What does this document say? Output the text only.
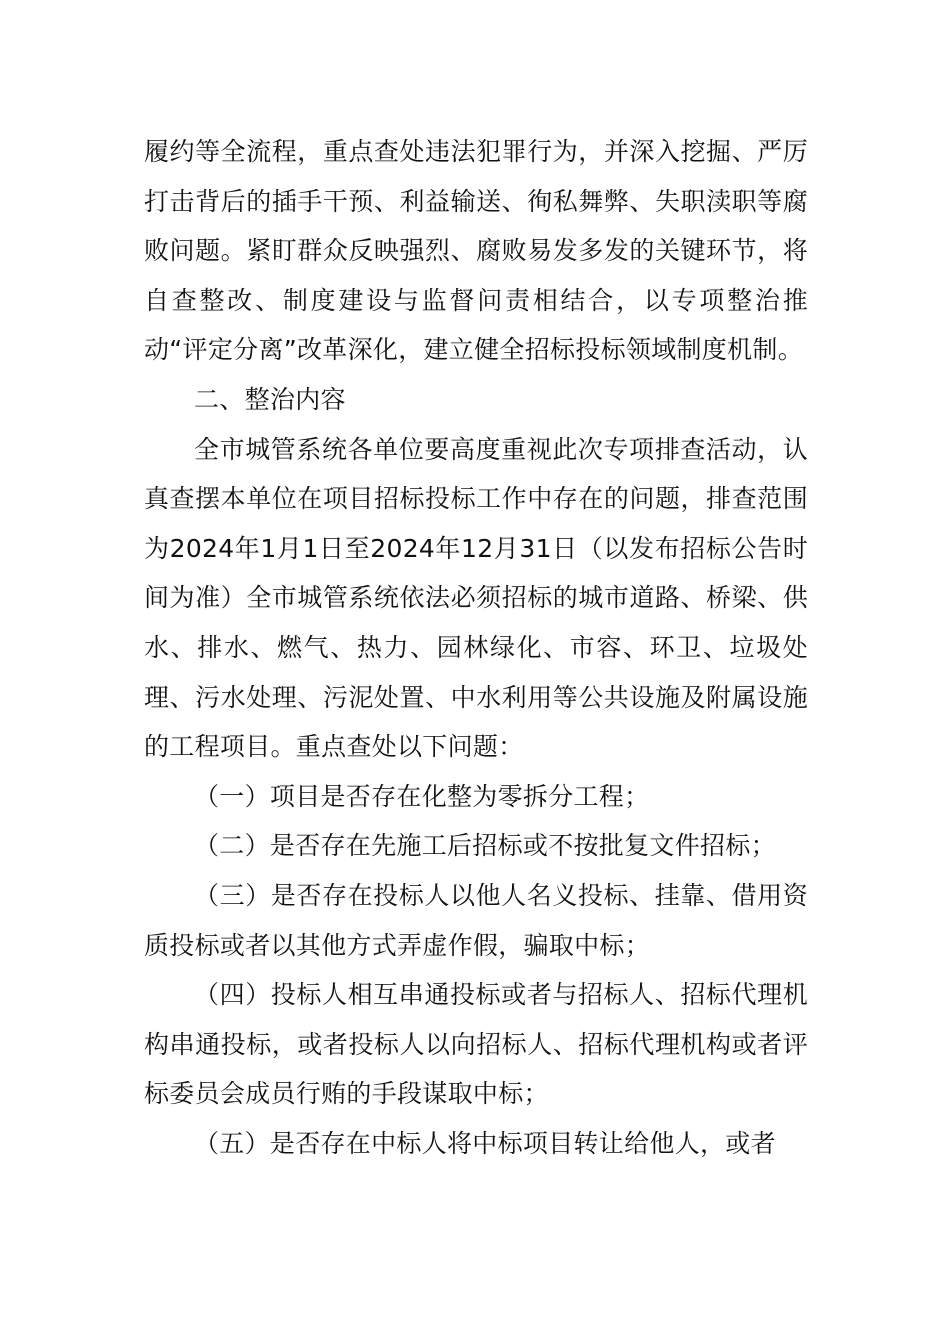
履约等全流程，重点查处违法犯罪行为，并深入挖掘、严厉打击背后的插手干预、利益输送、徇私舞弊、失职渎职等腐败问题。紧盯群众反映强烈、腐败易发多发的关键环节，将自查整改、制度建设与监督问责相结合，以专项整治推动“评定分离”改革深化，建立健全招标投标领域制度机制。

二、整治内容

全市城管系统各单位要高度重视此次专项排查活动，认真查摆本单位在项目招标投标工作中存在的问题，排查范围为2024年1月1日至2024年12月31日（以发布招标公告时间为准）全市城管系统依法必须招标的城市道路、桥梁、供水、排水、燃气、热力、园林绿化、市容、环卫、垃圾处理、污水处理、污泥处置、中水利用等公共设施及附属设施的工程项目。重点查处以下问题：

（一）项目是否存在化整为零拆分工程；

（二）是否存在先施工后招标或不按批复文件招标；

（三）是否存在投标人以他人名义投标、挂靠、借用资质投标或者以其他方式弄虚作假，骗取中标；

（四）投标人相互串通投标或者与招标人、招标代理机构串通投标，或者投标人以向招标人、招标代理机构或者评标委员会成员行贿的手段谋取中标；

（五）是否存在中标人将中标项目转让给他人，或者
